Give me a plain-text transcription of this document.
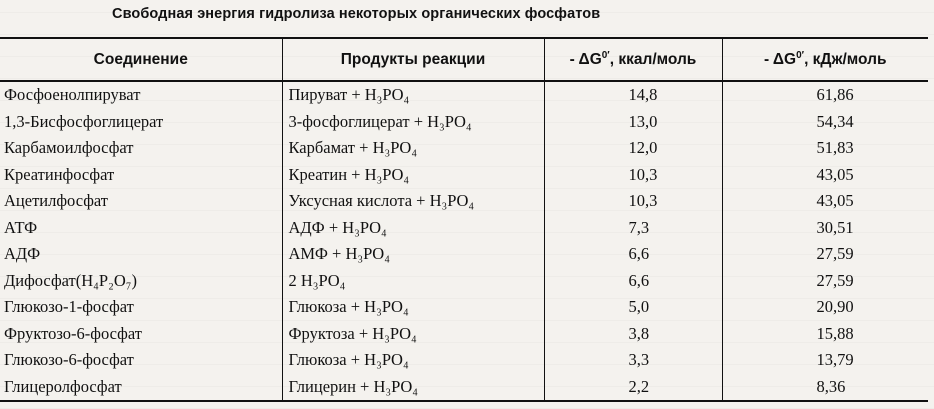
Свободная энергия гидролиза некоторых органических фосфатов
Соединение	Продукты реакции	- $\Delta G^{0'}$, ккал/моль	- $\Delta G^{0'}$, кДж/моль
Фосфоенолпируват	Пируват + H₃PO₄	14,8	61,86
1,3-Бисфосфоглицерат	3-фосфоглицерат + H₃PO₄	13,0	54,34
Карбамоилфосфат	Карбамат + H₃PO₄	12,0	51,83
Креатинфосфат	Креатин + H₃PO₄	10,3	43,05
Ацетилфосфат	Уксусная кислота + H₃PO₄	10,3	43,05
АТФ	АДФ + H₃PO₄	7,3	30,51
АДФ	АМФ + H₃PO₄	6,6	27,59
Дифосфат(H₄P₂O₇)	2 H₃PO₄	6,6	27,59
Глюкозо-1-фосфат	Глюкоза + H₃PO₄	5,0	20,90
Фруктозо-6-фосфат	Фруктоза + H₃PO₄	3,8	15,88
Глюкозо-6-фосфат	Глюкоза + H₃PO₄	3,3	13,79
Глицеролфосфат	Глицерин + H₃PO₄	2,2	8,36
